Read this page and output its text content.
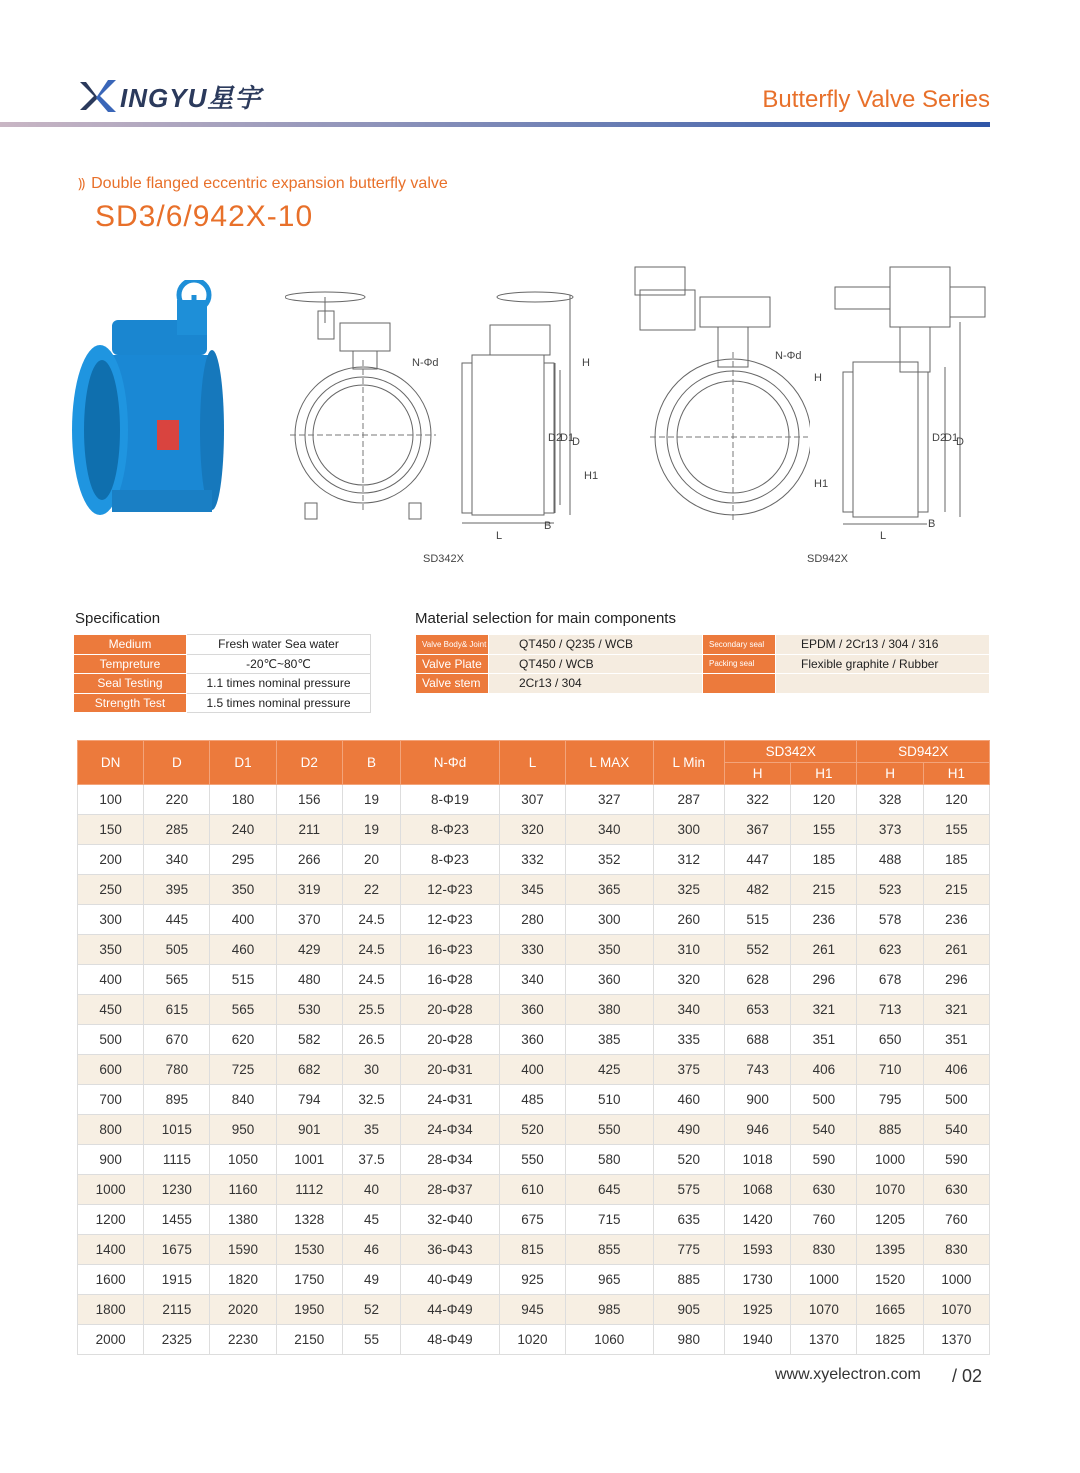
INGYU星宇	Butterfly Valve Series
⸩ Double flanged eccentric expansion butterfly valve
SD3/6/942X-10
N-Φd	H
D2
D1
D
H1
L
B
SD342X
N-Φd
H
H1
D2
D1
D
L
B
SD942X
Specification
Medium	Fresh water Sea water
Tempreture	-20℃~80℃
Seal Testing	1.1 times nominal pressure
Strength Test	1.5 times nominal pressure
Material selection for main components
Valve Body& Joint	QT450 / Q235 / WCB	Secondary seal	EPDM / 2Cr13 / 304 / 316
Valve Plate	QT450 / WCB	Packing seal	Flexible graphite / Rubber
Valve stem	2Cr13 / 304		
DN	D	D1	D2	B	N-Φd	L	L MAX	L Min	SD342X		SD942X	
									H	H1	H	H1
100	220	180	156	19	8-Φ19	307	327	287	322	120	328	120
150	285	240	211	19	8-Φ23	320	340	300	367	155	373	155
200	340	295	266	20	8-Φ23	332	352	312	447	185	488	185
250	395	350	319	22	12-Φ23	345	365	325	482	215	523	215
300	445	400	370	24.5	12-Φ23	280	300	260	515	236	578	236
350	505	460	429	24.5	16-Φ23	330	350	310	552	261	623	261
400	565	515	480	24.5	16-Φ28	340	360	320	628	296	678	296
450	615	565	530	25.5	20-Φ28	360	380	340	653	321	713	321
500	670	620	582	26.5	20-Φ28	360	385	335	688	351	650	351
600	780	725	682	30	20-Φ31	400	425	375	743	406	710	406
700	895	840	794	32.5	24-Φ31	485	510	460	900	500	795	500
800	1015	950	901	35	24-Φ34	520	550	490	946	540	885	540
900	1115	1050	1001	37.5	28-Φ34	550	580	520	1018	590	1000	590
1000	1230	1160	1112	40	28-Φ37	610	645	575	1068	630	1070	630
1200	1455	1380	1328	45	32-Φ40	675	715	635	1420	760	1205	760
1400	1675	1590	1530	46	36-Φ43	815	855	775	1593	830	1395	830
1600	1915	1820	1750	49	40-Φ49	925	965	885	1730	1000	1520	1000
1800	2115	2020	1950	52	44-Φ49	945	985	905	1925	1070	1665	1070
2000	2325	2230	2150	55	48-Φ49	1020	1060	980	1940	1370	1825	1370
www.xyelectron.com / 02
